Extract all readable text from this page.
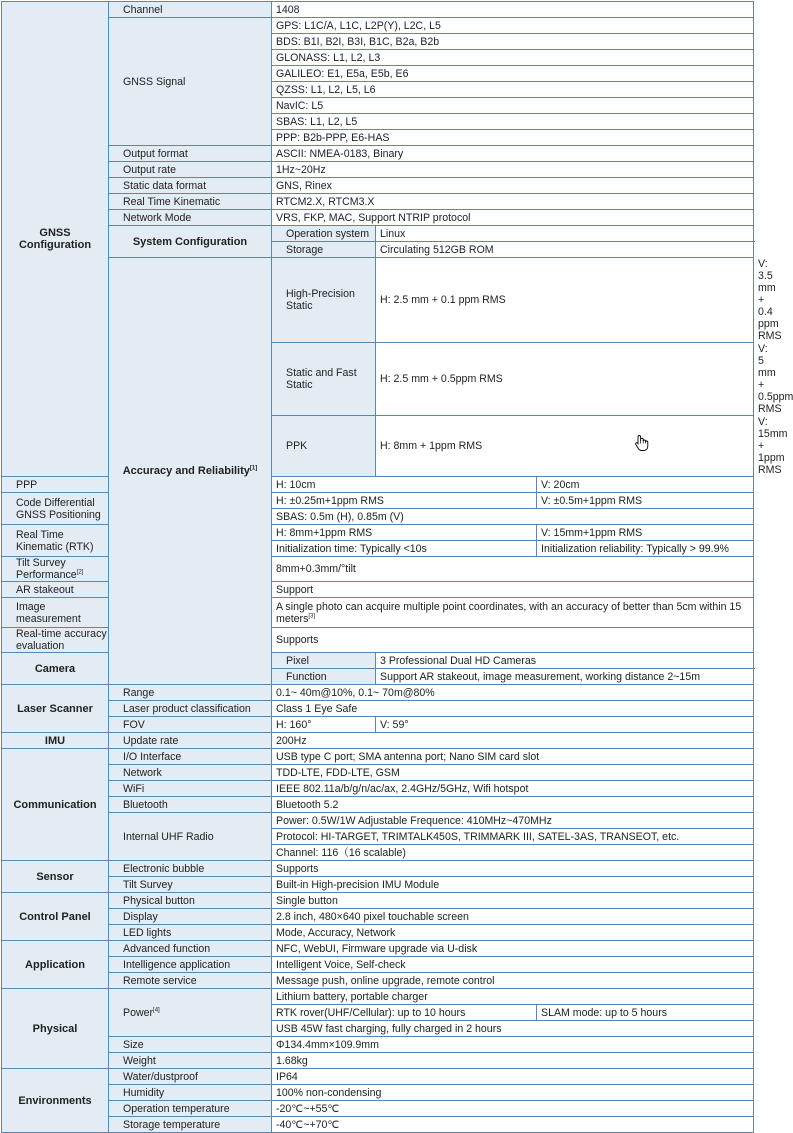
GNSS Configuration	Channel	1408			
	GNSS Signal	GPS: L1C/A, L1C, L2P(Y), L2C, L5			
		BDS: B1I, B2I, B3I, B1C, B2a, B2b			
		GLONASS: L1, L2, L3			
		GALILEO: E1, E5a, E5b, E6			
		QZSS: L1, L2, L5, L6			
		NavIC: L5			
		SBAS: L1, L2, L5			
		PPP: B2b-PPP, E6-HAS			
	Output format	ASCII: NMEA-0183, Binary			
	Output rate	1Hz~20Hz			
	Static data format	GNS, Rinex			
	Real Time Kinematic	RTCM2.X, RTCM3.X			
	Network Mode	VRS, FKP, MAC, Support NTRIP protocol			
	System Configuration	Operation system	Linux		
		Storage	Circulating 512GB ROM		
	Accuracy and Reliability[1]	High-Precision Static	H: 2.5 mm + 0.1 ppm RMS		V: 3.5 mm + 0.4 ppm RMS
		Static and Fast Static	H: 2.5 mm + 0.5ppm RMS		V: 5 mm + 0.5ppm RMS
		PPK	H: 8mm + 1ppm RMS		V: 15mm + 1ppm RMS
PPP		H: 10cm		V: 20cm	
Code Differential GNSS Positioning		H: ±0.25m+1ppm RMS		V: ±0.5m+1ppm RMS	
		SBAS: 0.5m (H), 0.85m (V)			
Real Time Kinematic (RTK)		H: 8mm+1ppm RMS		V: 15mm+1ppm RMS	
		Initialization time: Typically <10s		Initialization reliability: Typically > 99.9%	
Tilt Survey Performance[2]		8mm+0.3mm/°tilt			
AR stakeout		Support			
Image measurement		A single photo can acquire multiple point coordinates, with an accuracy of better than 5cm within 15 meters[3]
Real-time accuracy evaluation		Supports			
Camera		Pixel	3 Professional Dual HD Cameras		
		Function	Support AR stakeout, image measurement, working distance 2~15m		
Laser Scanner	Range	0.1~ 40m@10%, 0.1~ 70m@80%			
	Laser product classification	Class 1 Eye Safe			
	FOV	H: 160°	V: 59°		
IMU	Update rate	200Hz			
Communication	I/O Interface	USB type C port; SMA antenna port; Nano SIM card slot			
	Network	TDD-LTE, FDD-LTE, GSM			
	WiFi	IEEE 802.11a/b/g/n/ac/ax, 2.4GHz/5GHz, Wifi hotspot			
	Bluetooth	Bluetooth 5.2			
	Internal UHF Radio	Power: 0.5W/1W Adjustable Frequence: 410MHz~470MHz			
		Protocol: HI-TARGET, TRIMTALK450S, TRIMMARK III, SATEL-3AS, TRANSEOT, etc.			
		Channel: 116（16 scalable)			
Sensor	Electronic bubble	Supports			
	Tilt Survey	Built-in High-precision IMU Module			
Control Panel	Physical button	Single button			
	Display	2.8 inch, 480×640 pixel touchable screen			
	LED lights	Mode, Accuracy, Network			
Application	Advanced function	NFC, WebUI, Firmware upgrade via U-disk			
	Intelligence application	Intelligent Voice, Self-check			
	Remote service	Message push, online upgrade, remote control			
Physical	Power[4]	Lithium battery, portable charger			
		RTK rover(UHF/Cellular): up to 10 hours		SLAM mode: up to 5 hours	
		USB 45W fast charging, fully charged in 2 hours			
	Size	Φ134.4mm×109.9mm			
	Weight	1.68kg			
Environments	Water/dustproof	IP64			
	Humidity	100% non-condensing			
	Operation temperature	-20℃~+55℃			
	Storage temperature	-40℃~+70℃			
